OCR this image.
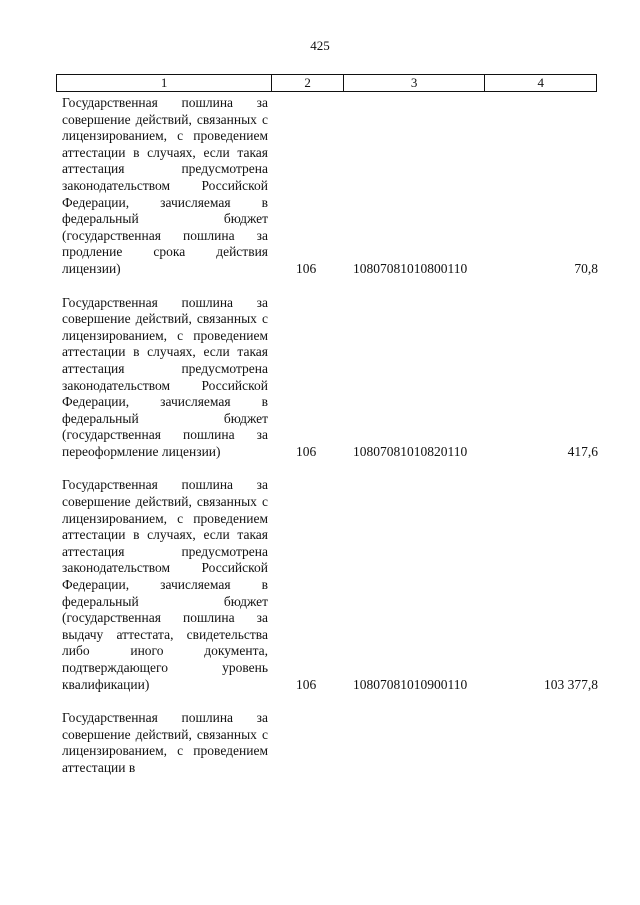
425
1	2	3	4
Государственная пошлина за совершение действий, связанных с лицензированием, с проведением аттестации в случаях, если такая аттестация предусмотрена законодательством Российской Федерации, зачисляемая в федеральный бюджет (государственная пошлина за продление срока действия лицензии)	106	10807081010800110	70,8
Государственная пошлина за совершение действий, связанных с лицензированием, с проведением аттестации в случаях, если такая аттестация предусмотрена законодательством Российской Федерации, зачисляемая в федеральный бюджет (государственная пошлина за переоформление лицензии)	106	10807081010820110	417,6
Государственная пошлина за совершение действий, связанных с лицензированием, с проведением аттестации в случаях, если такая аттестация предусмотрена законодательством Российской Федерации, зачисляемая в федеральный бюджет (государственная пошлина за выдачу аттестата, свидетельства либо иного документа, подтверждающего уровень квалификации)	106	10807081010900110	103 377,8
Государственная пошлина за совершение действий, связанных с лицензированием, с проведением аттестации в
